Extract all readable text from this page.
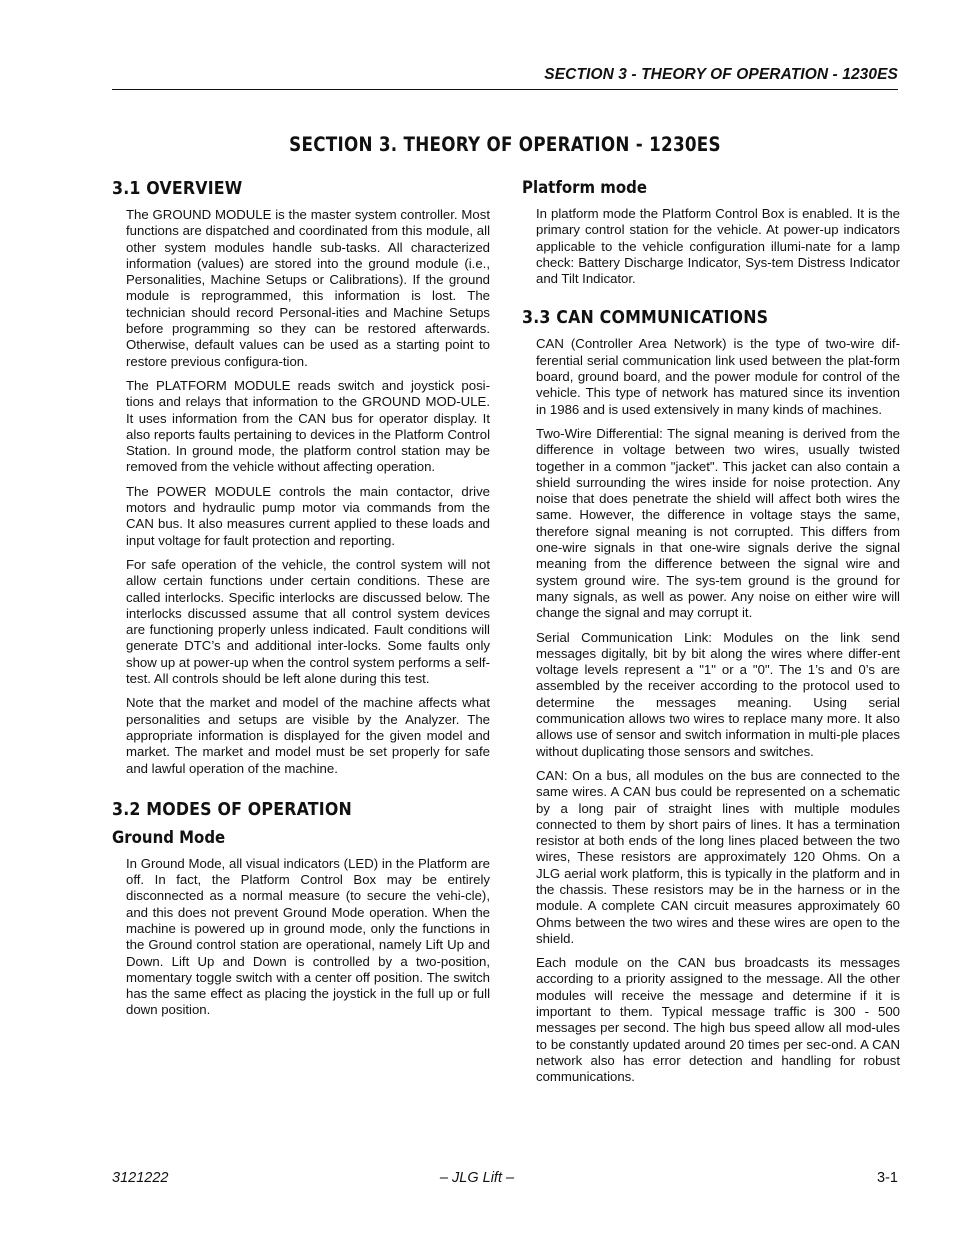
SECTION 3 - THEORY OF OPERATION - 1230ES
SECTION 3. THEORY OF OPERATION - 1230ES
3.1 OVERVIEW

The GROUND MODULE is the master system controller. Most functions are dispatched and coordinated from this module, all other system modules handle sub-tasks. All characterized information (values) are stored into the ground module (i.e., Personalities, Machine Setups or Calibrations). If the ground module is reprogrammed, this information is lost. The technician should record Personal-ities and Machine Setups before programming so they can be restored afterwards. Otherwise, default values can be used as a starting point to restore previous configura-tion.

The PLATFORM MODULE reads switch and joystick posi-tions and relays that information to the GROUND MOD-ULE. It uses information from the CAN bus for operator display. It also reports faults pertaining to devices in the Platform Control Station. In ground mode, the platform control station may be removed from the vehicle without affecting operation.

The POWER MODULE controls the main contactor, drive motors and hydraulic pump motor via commands from the CAN bus. It also measures current applied to these loads and input voltage for fault protection and reporting.

For safe operation of the vehicle, the control system will not allow certain functions under certain conditions. These are called interlocks. Specific interlocks are discussed below. The interlocks discussed assume that all control system devices are functioning properly unless indicated. Fault conditions will generate DTC’s and additional inter-locks. Some faults only show up at power-up when the control system performs a self-test. All controls should be left alone during this test.

Note that the market and model of the machine affects what personalities and setups are visible by the Analyzer. The appropriate information is displayed for the given model and market. The market and model must be set properly for safe and lawful operation of the machine.

3.2 MODES OF OPERATION
Ground Mode

In Ground Mode, all visual indicators (LED) in the Platform are off. In fact, the Platform Control Box may be entirely disconnected as a normal measure (to secure the vehi-cle), and this does not prevent Ground Mode operation. When the machine is powered up in ground mode, only the functions in the Ground control station are operational, namely Lift Up and Down. Lift Up and Down is controlled by a two-position, momentary toggle switch with a center off position. The switch has the same effect as placing the joystick in the full up or full down position.

Platform mode

In platform mode the Platform Control Box is enabled. It is the primary control station for the vehicle. At power-up indicators applicable to the vehicle configuration illumi-nate for a lamp check: Battery Discharge Indicator, Sys-tem Distress Indicator and Tilt Indicator.

3.3 CAN COMMUNICATIONS

CAN (Controller Area Network) is the type of two-wire dif-ferential serial communication link used between the plat-form board, ground board, and the power module for control of the vehicle. This type of network has matured since its invention in 1986 and is used extensively in many kinds of machines.

Two-Wire Differential: The signal meaning is derived from the difference in voltage between two wires, usually twisted together in a common "jacket". This jacket can also contain a shield surrounding the wires inside for noise protection. Any noise that does penetrate the shield will affect both wires the same. However, the difference in voltage stays the same, therefore signal meaning is not corrupted. This differs from one-wire signals in that one-wire signals derive the signal meaning from the difference between the signal wire and system ground wire. The sys-tem ground is the ground for many signals, as well as power. Any noise on either wire will change the signal and may corrupt it.

Serial Communication Link: Modules on the link send messages digitally, bit by bit along the wires where differ-ent voltage levels represent a "1" or a "0". The 1’s and 0’s are assembled by the receiver according to the protocol used to determine the messages meaning. Using serial communication allows two wires to replace many more. It also allows use of sensor and switch information in multi-ple places without duplicating those sensors and switches.

CAN: On a bus, all modules on the bus are connected to the same wires. A CAN bus could be represented on a schematic by a long pair of straight lines with multiple modules connected to them by short pairs of lines. It has a termination resistor at both ends of the long lines placed between the two wires, These resistors are approximately 120 Ohms. On a JLG aerial work platform, this is typically in the platform and in the chassis. These resistors may be in the harness or in the module. A complete CAN circuit measures approximately 60 Ohms between the two wires and these wires are open to the shield.

Each module on the CAN bus broadcasts its messages according to a priority assigned to the message. All the other modules will receive the message and determine if it is important to them. Typical message traffic is 300 - 500 messages per second. The high bus speed allow all mod-ules to be constantly updated around 20 times per sec-ond. A CAN network also has error detection and handling for robust communications.

3121222	– JLG Lift –	3-1
